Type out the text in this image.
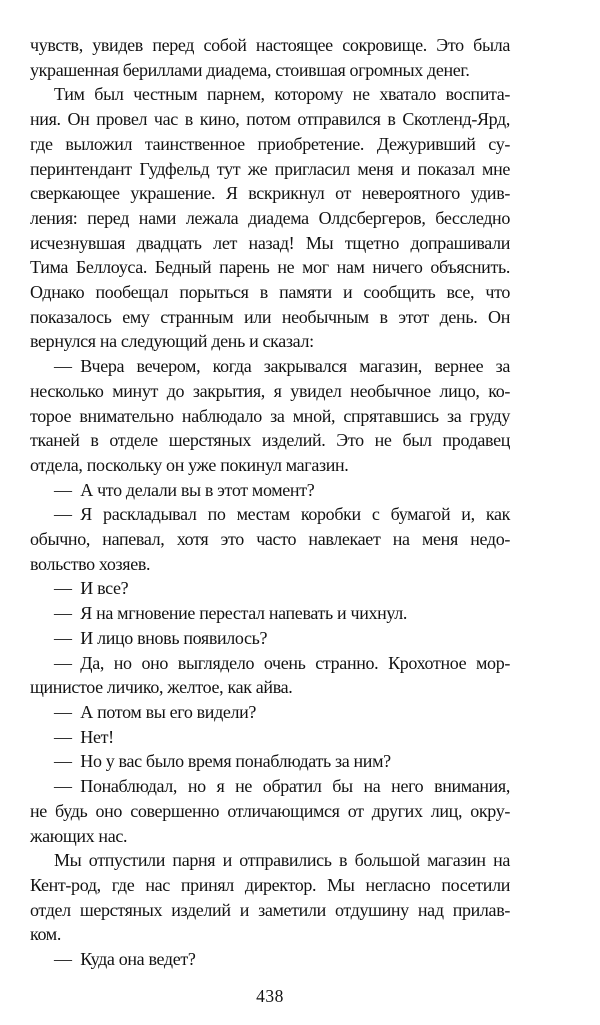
чувств, увидев перед собой настоящее сокровище. Это была
украшенная бериллами диадема, стоившая огромных денег.
Тим был честным парнем, которому не хватало воспита-
ния. Он провел час в кино, потом отправился в Скотленд-Ярд,
где выложил таинственное приобретение. Дежуривший су-
перинтендант Гудфельд тут же пригласил меня и показал мне
сверкающее украшение. Я вскрикнул от невероятного удив-
ления: перед нами лежала диадема Олдсбергеров, бесследно
исчезнувшая двадцать лет назад! Мы тщетно допрашивали
Тима Беллоуса. Бедный парень не мог нам ничего объяснить.
Однако пообещал порыться в памяти и сообщить все, что
показалось ему странным или необычным в этот день. Он
вернулся на следующий день и сказал:
— Вчера вечером, когда закрывался магазин, вернее за
несколько минут до закрытия, я увидел необычное лицо, ко-
торое внимательно наблюдало за мной, спрятавшись за груду
тканей в отделе шерстяных изделий. Это не был продавец
отдела, поскольку он уже покинул магазин.
— А что делали вы в этот момент?
— Я раскладывал по местам коробки с бумагой и, как
обычно, напевал, хотя это часто навлекает на меня недо-
вольство хозяев.
— И все?
— Я на мгновение перестал напевать и чихнул.
— И лицо вновь появилось?
— Да, но оно выглядело очень странно. Крохотное мор-
щинистое личико, желтое, как айва.
— А потом вы его видели?
— Нет!
— Но у вас было время понаблюдать за ним?
— Понаблюдал, но я не обратил бы на него внимания,
не будь оно совершенно отличающимся от других лиц, окру-
жающих нас.
Мы отпустили парня и отправились в большой магазин на
Кент-род, где нас принял директор. Мы негласно посетили
отдел шерстяных изделий и заметили отдушину над прилав-
ком.
— Куда она ведет?
438
